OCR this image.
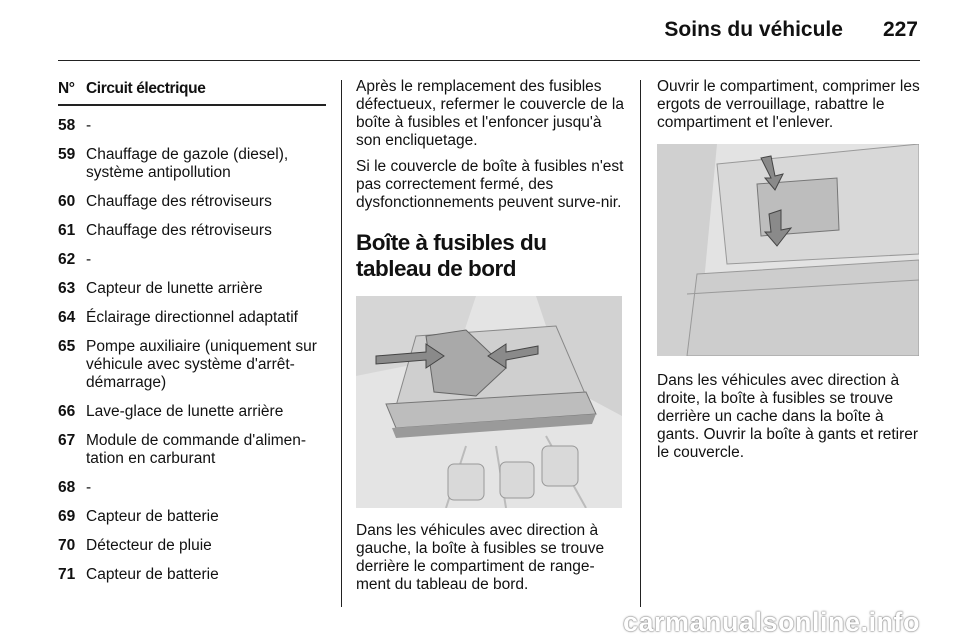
Soins du véhicule 227
N° Circuit électrique
58 -
59 Chauffage de gazole (diesel), système antipollution
60 Chauffage des rétroviseurs
61 Chauffage des rétroviseurs
62 -
63 Capteur de lunette arrière
64 Éclairage directionnel adaptatif
65 Pompe auxiliaire (uniquement sur véhicule avec système d'arrêt-démarrage)
66 Lave-glace de lunette arrière
67 Module de commande d'alimen-tation en carburant
68 -
69 Capteur de batterie
70 Détecteur de pluie
71 Capteur de batterie

Après le remplacement des fusibles défectueux, refermer le couvercle de la boîte à fusibles et l'enfoncer jusqu'à son encliquetage.

Si le couvercle de boîte à fusibles n'est pas correctement fermé, des dysfonctionnements peuvent surve-nir.

Boîte à fusibles du tableau de bord

Dans les véhicules avec direction à gauche, la boîte à fusibles se trouve derrière le compartiment de range-ment du tableau de bord.

Ouvrir le compartiment, comprimer les ergots de verrouillage, rabattre le compartiment et l'enlever.

Dans les véhicules avec direction à droite, la boîte à fusibles se trouve derrière un cache dans la boîte à gants. Ouvrir la boîte à gants et retirer le couvercle.

carmanualsonline.info
